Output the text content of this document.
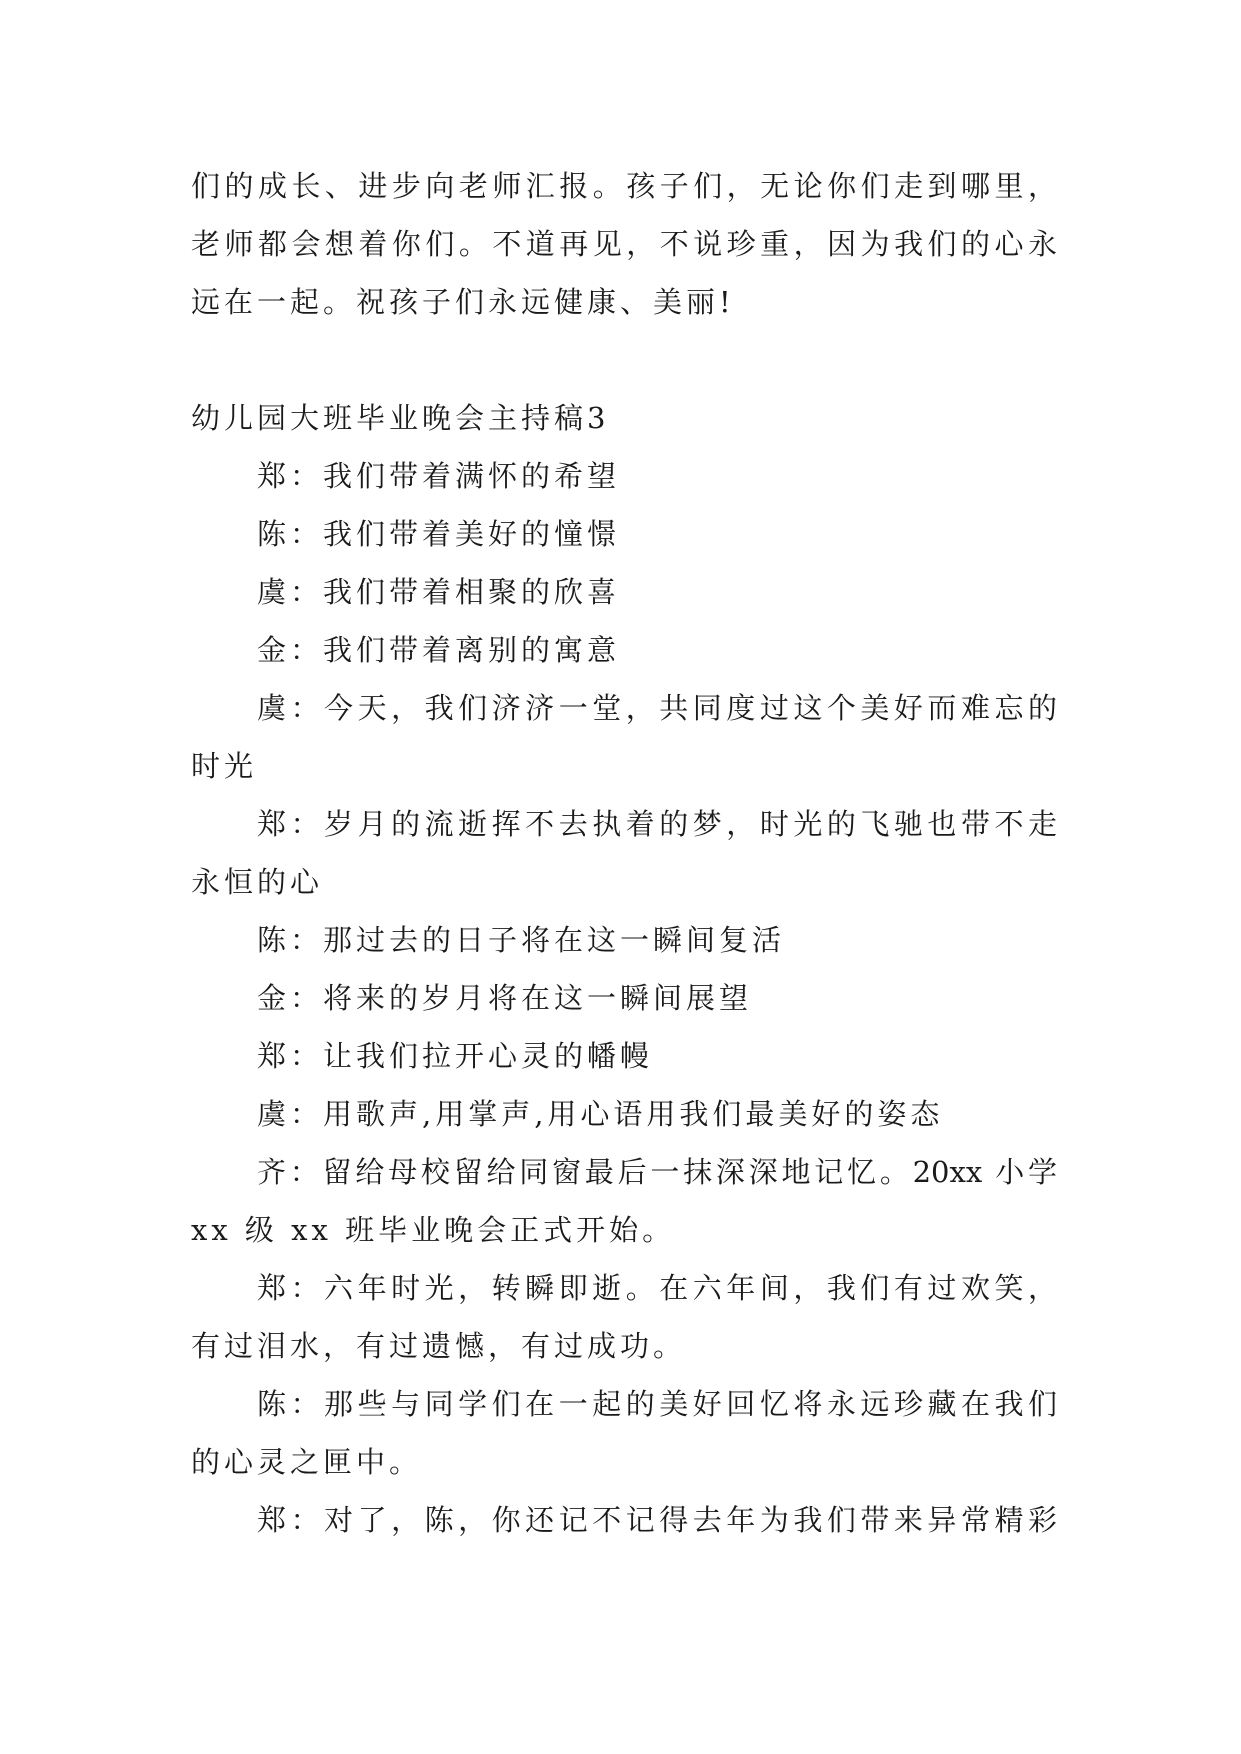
们的成长、进步向老师汇报。孩子们，无论你们走到哪里，
老师都会想着你们。不道再见，不说珍重，因为我们的心永
远在一起。祝孩子们永远健康、美丽!
幼儿园大班毕业晚会主持稿3
郑：我们带着满怀的希望
陈：我们带着美好的憧憬
虞：我们带着相聚的欣喜
金：我们带着离别的寓意
虞：今天，我们济济一堂，共同度过这个美好而难忘的
时光
郑：岁月的流逝挥不去执着的梦，时光的飞驰也带不走
永恒的心
陈：那过去的日子将在这一瞬间复活
金：将来的岁月将在这一瞬间展望
郑：让我们拉开心灵的幡幔
虞：用歌声,用掌声,用心语用我们最美好的姿态
齐：留给母校留给同窗最后一抹深深地记忆。20xx 小学
xx 级 xx 班毕业晚会正式开始。
郑：六年时光，转瞬即逝。在六年间，我们有过欢笑，
有过泪水，有过遗憾，有过成功。
陈：那些与同学们在一起的美好回忆将永远珍藏在我们
的心灵之匣中。
郑：对了，陈，你还记不记得去年为我们带来异常精彩
